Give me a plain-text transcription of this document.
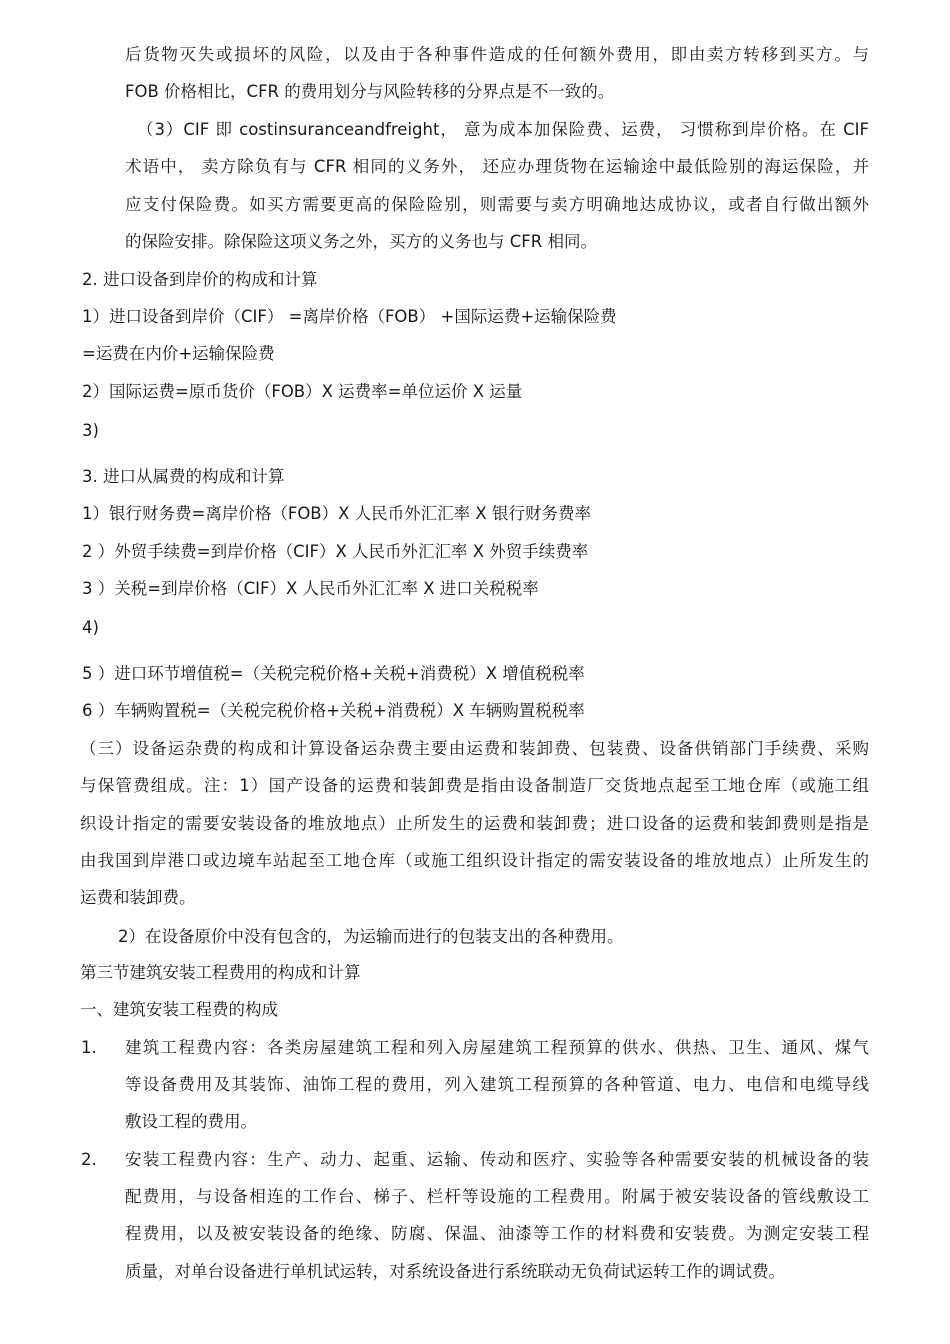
后货物灭失或损坏的风险，以及由于各种事件造成的任何额外费用，即由卖方转移到买方。与
FOB 价格相比，CFR 的费用划分与风险转移的分界点是不一致的。
（3）CIF 即 costinsuranceandfreight， 意为成本加保险费、运费， 习惯称到岸价格。在 CIF
术语中， 卖方除负有与 CFR 相同的义务外， 还应办理货物在运输途中最低险别的海运保险，并
应支付保险费。如买方需要更高的保险险别，则需要与卖方明确地达成协议，或者自行做出额外
的保险安排。除保险这项义务之外，买方的义务也与 CFR 相同。
2. 进口设备到岸价的构成和计算
1）进口设备到岸价（CIF） =离岸价格（FOB） +国际运费+运输保险费
=运费在内价+运输保险费
2）国际运费=原币货价（FOB）X 运费率=单位运价 X 运量
3)
3. 进口从属费的构成和计算
1）银行财务费=离岸价格（FOB）X 人民币外汇汇率 X 银行财务费率
2 ）外贸手续费=到岸价格（CIF）X 人民币外汇汇率 X 外贸手续费率
3 ）关税=到岸价格（CIF）X 人民币外汇汇率 X 进口关税税率
4)
5 ）进口环节增值税=（关税完税价格+关税+消费税）X 增值税税率
6 ）车辆购置税=（关税完税价格+关税+消费税）X 车辆购置税税率
（三）设备运杂费的构成和计算设备运杂费主要由运费和装卸费、包装费、设备供销部门手续费、采购
与保管费组成。注：1）国产设备的运费和装卸费是指由设备制造厂交货地点起至工地仓库（或施工组
织设计指定的需要安装设备的堆放地点）止所发生的运费和装卸费；进口设备的运费和装卸费则是指是
由我国到岸港口或边境车站起至工地仓库（或施工组织设计指定的需安装设备的堆放地点）止所发生的
运费和装卸费。
2）在设备原价中没有包含的，为运输而进行的包装支出的各种费用。
第三节建筑安装工程费用的构成和计算
一、建筑安装工程费的构成
1. 建筑工程费内容：各类房屋建筑工程和列入房屋建筑工程预算的供水、供热、卫生、通风、煤气
等设备费用及其装饰、油饰工程的费用，列入建筑工程预算的各种管道、电力、电信和电缆导线
敷设工程的费用。
2. 安装工程费内容：生产、动力、起重、运输、传动和医疗、实验等各种需要安装的机械设备的装
配费用，与设备相连的工作台、梯子、栏杆等设施的工程费用。附属于被安装设备的管线敷设工
程费用，以及被安装设备的绝缘、防腐、保温、油漆等工作的材料费和安装费。为测定安装工程
质量，对单台设备进行单机试运转，对系统设备进行系统联动无负荷试运转工作的调试费。
